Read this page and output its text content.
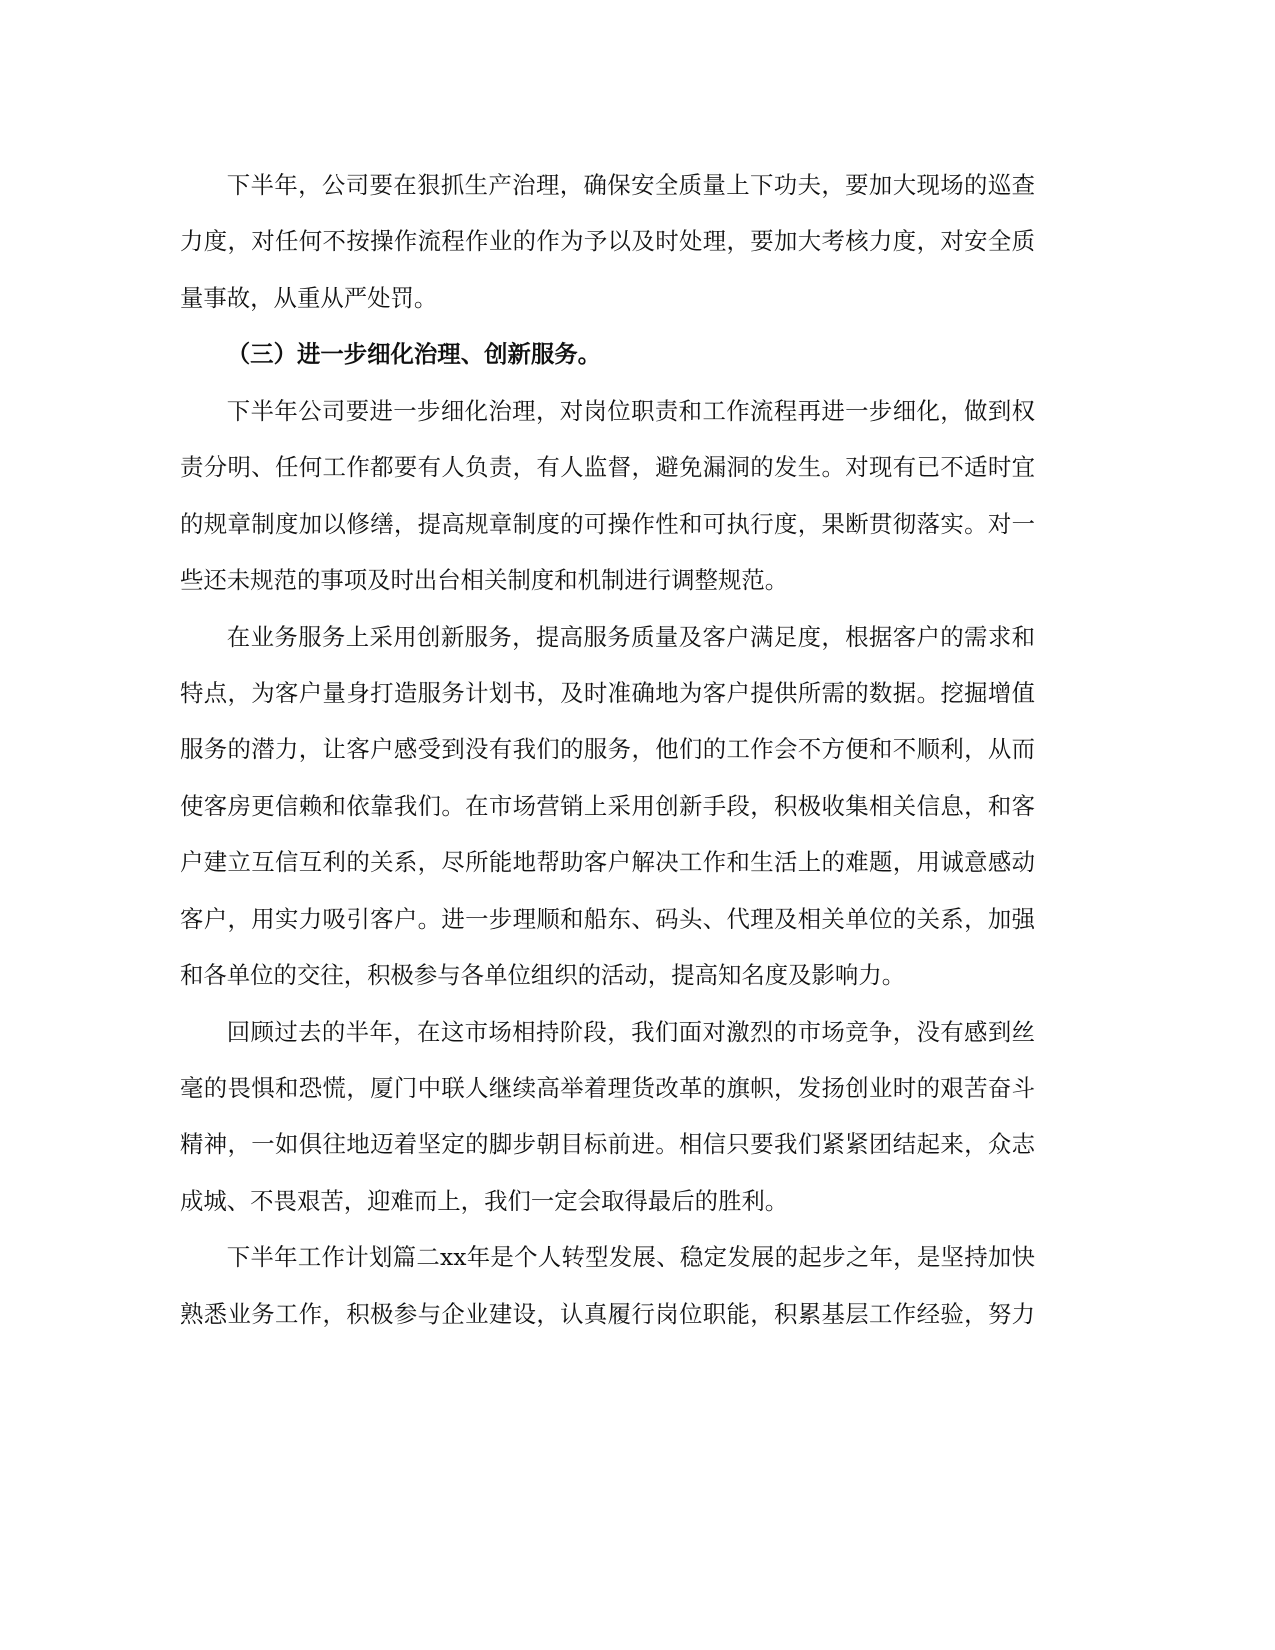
下半年，公司要在狠抓生产治理，确保安全质量上下功夫，要加大现场的巡查
力度，对任何不按操作流程作业的作为予以及时处理，要加大考核力度，对安全质
量事故，从重从严处罚。
（三）进一步细化治理、创新服务。
下半年公司要进一步细化治理，对岗位职责和工作流程再进一步细化，做到权
责分明、任何工作都要有人负责，有人监督，避免漏洞的发生。对现有已不适时宜
的规章制度加以修缮，提高规章制度的可操作性和可执行度，果断贯彻落实。对一
些还未规范的事项及时出台相关制度和机制进行调整规范。
在业务服务上采用创新服务，提高服务质量及客户满足度，根据客户的需求和
特点，为客户量身打造服务计划书，及时准确地为客户提供所需的数据。挖掘增值
服务的潜力，让客户感受到没有我们的服务，他们的工作会不方便和不顺利，从而
使客房更信赖和依靠我们。在市场营销上采用创新手段，积极收集相关信息，和客
户建立互信互利的关系，尽所能地帮助客户解决工作和生活上的难题，用诚意感动
客户，用实力吸引客户。进一步理顺和船东、码头、代理及相关单位的关系，加强
和各单位的交往，积极参与各单位组织的活动，提高知名度及影响力。
回顾过去的半年，在这市场相持阶段，我们面对激烈的市场竞争，没有感到丝
毫的畏惧和恐慌，厦门中联人继续高举着理货改革的旗帜，发扬创业时的艰苦奋斗
精神，一如俱往地迈着坚定的脚步朝目标前进。相信只要我们紧紧团结起来，众志
成城、不畏艰苦，迎难而上，我们一定会取得最后的胜利。
下半年工作计划篇二xx年是个人转型发展、稳定发展的起步之年，是坚持加快
熟悉业务工作，积极参与企业建设，认真履行岗位职能，积累基层工作经验，努力
